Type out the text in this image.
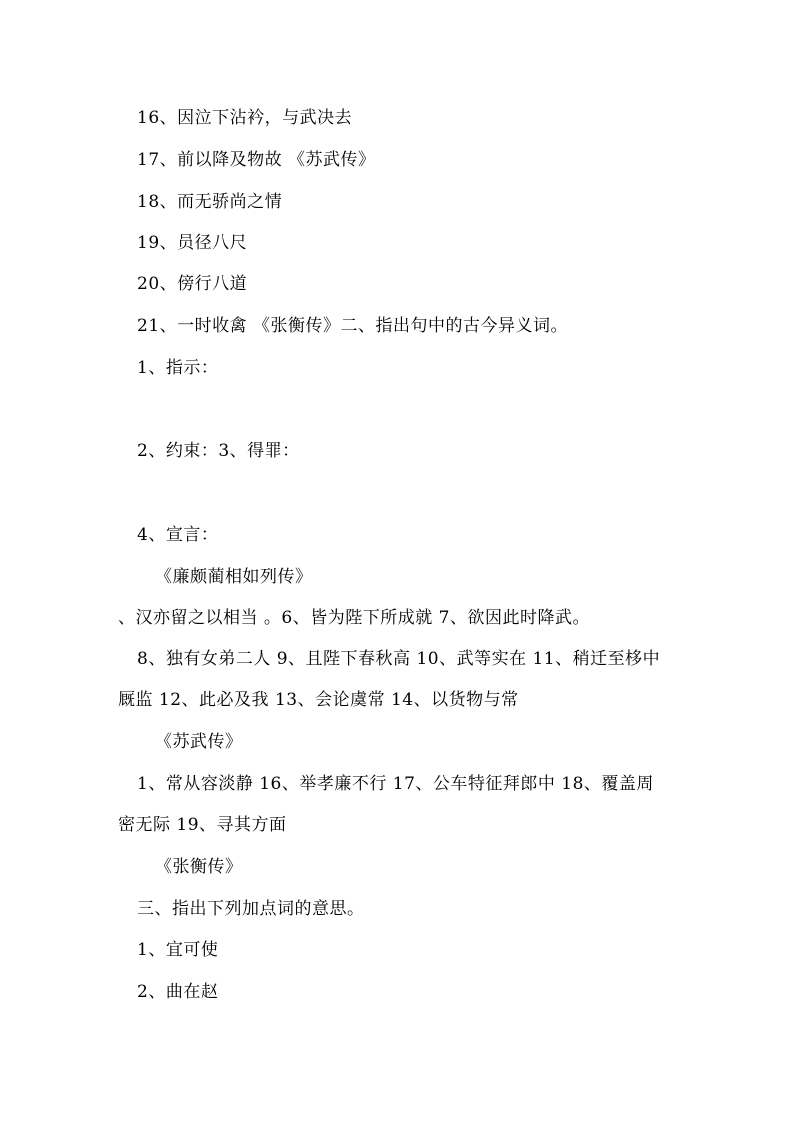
16、因泣下沾衿，与武决去
17、前以降及物故 《苏武传》
18、而无骄尚之情
19、员径八尺
20、傍行八道
21、一时收禽 《张衡传》二、指出句中的古今异义词。
1、指示：
2、约束：3、得罪：
4、宣言：
《廉颇蔺相如列传》
、汉亦留之以相当 。6、皆为陛下所成就 7、欲因此时降武。
8、独有女弟二人 9、且陛下春秋高 10、武等实在 11、稍迁至栘中
厩监 12、此必及我 13、会论虞常 14、以货物与常
《苏武传》
1、常从容淡静 16、举孝廉不行 17、公车特征拜郎中 18、覆盖周
密无际 19、寻其方面
《张衡传》
三、指出下列加点词的意思。
1、宜可使
2、曲在赵
